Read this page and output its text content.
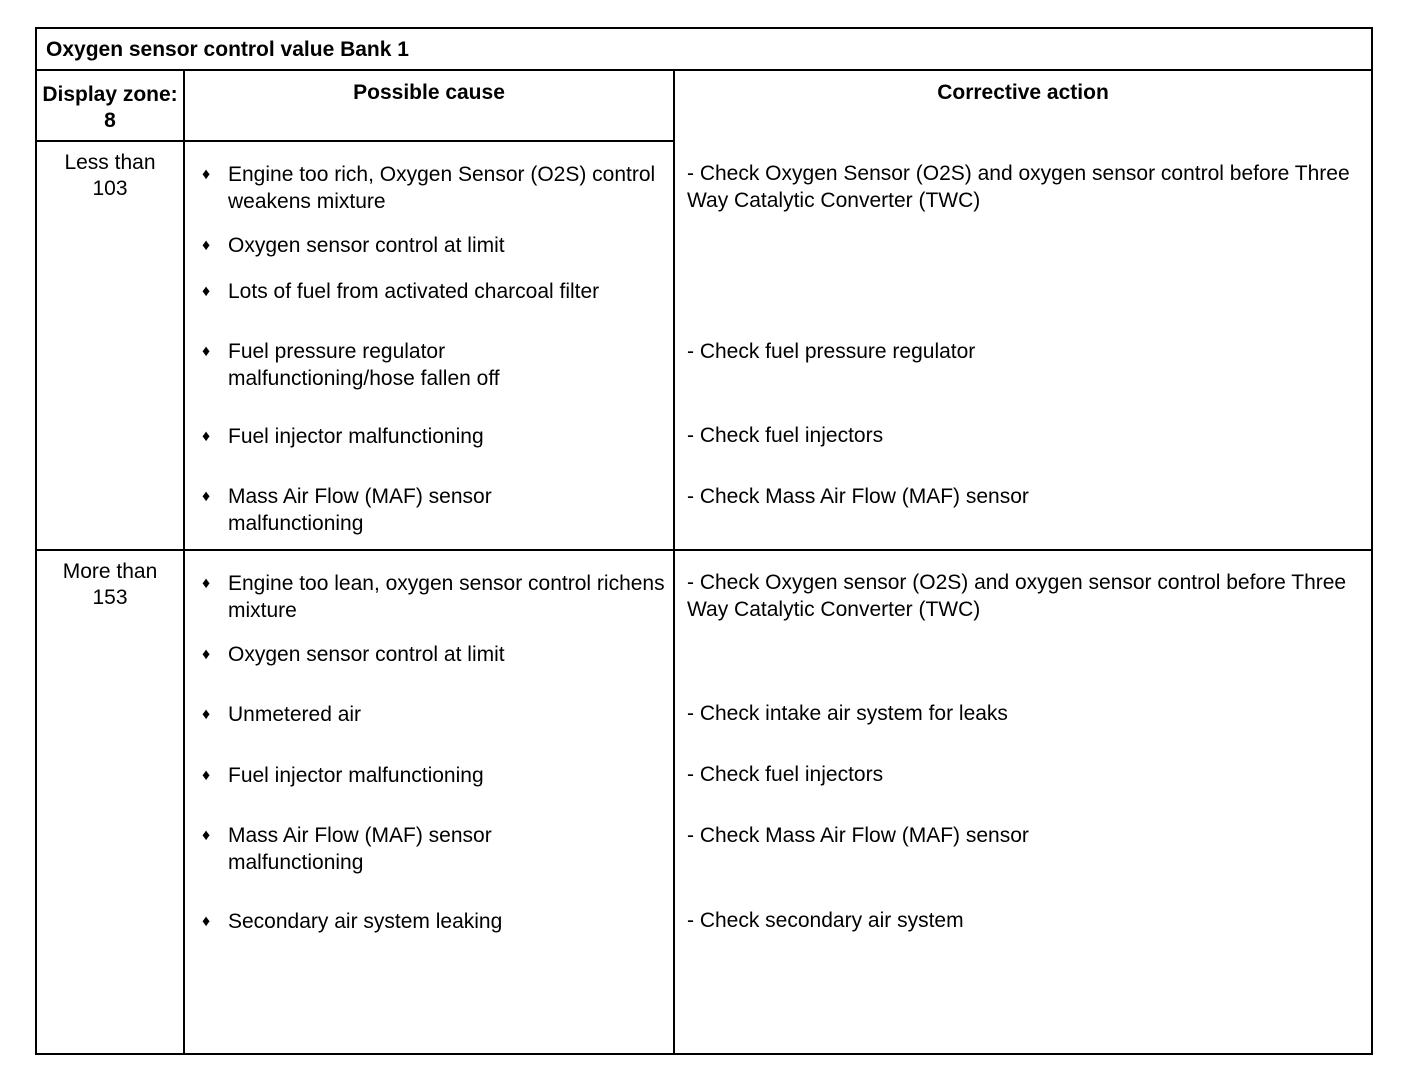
Oxygen sensor control value Bank 1
Display zone: 8
Possible cause	Corrective action
Less than 103
♦ Engine too rich, Oxygen Sensor (O2S) control weakens mixture
♦ Oxygen sensor control at limit
♦ Lots of fuel from activated charcoal filter
♦ Fuel pressure regulator malfunctioning/hose fallen off
♦ Fuel injector malfunctioning
♦ Mass Air Flow (MAF) sensor malfunctioning
- Check Oxygen Sensor (O2S) and oxygen sensor control before Three Way Catalytic Converter (TWC)
- Check fuel pressure regulator
- Check fuel injectors
- Check Mass Air Flow (MAF) sensor
More than 153
♦ Engine too lean, oxygen sensor control richens mixture
♦ Oxygen sensor control at limit
♦ Unmetered air
♦ Fuel injector malfunctioning
♦ Mass Air Flow (MAF) sensor malfunctioning
♦ Secondary air system leaking
- Check Oxygen sensor (O2S) and oxygen sensor control before Three Way Catalytic Converter (TWC)
- Check intake air system for leaks
- Check fuel injectors
- Check Mass Air Flow (MAF) sensor
- Check secondary air system
